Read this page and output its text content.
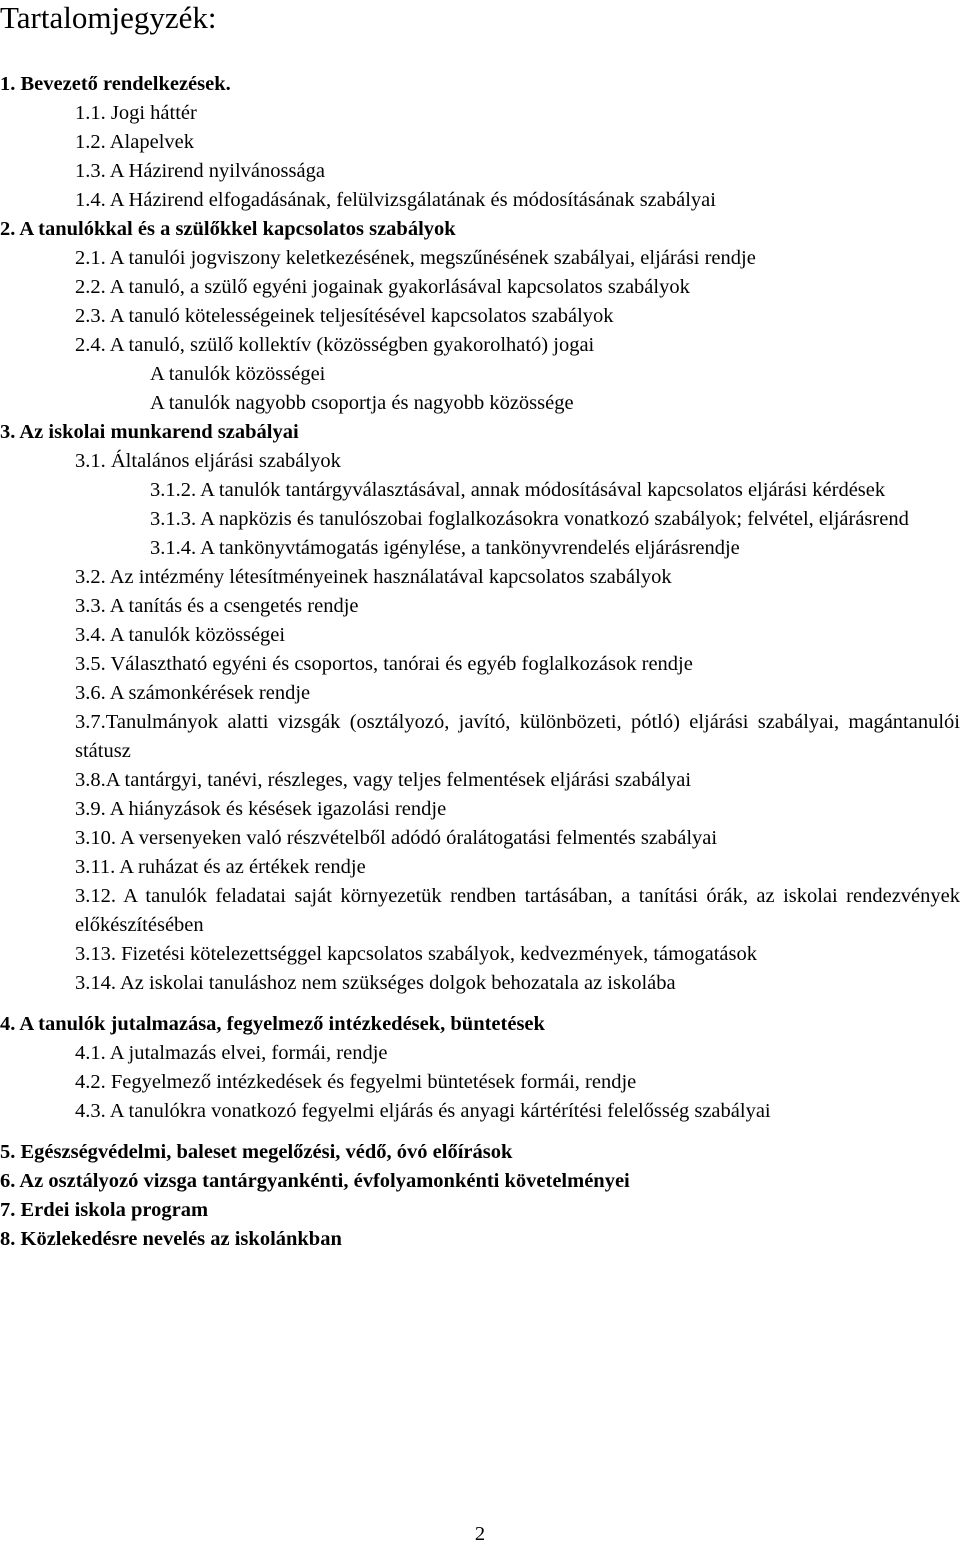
Tartalomjegyzék:
1. Bevezető rendelkezések.
1.1. Jogi háttér
1.2. Alapelvek
1.3. A Házirend nyilvánossága
1.4. A Házirend elfogadásának, felülvizsgálatának és módosításának szabályai
2. A tanulókkal és a szülőkkel kapcsolatos szabályok
2.1. A tanulói jogviszony keletkezésének, megszűnésének szabályai, eljárási rendje
2.2. A tanuló, a szülő egyéni jogainak gyakorlásával kapcsolatos szabályok
2.3. A tanuló kötelességeinek teljesítésével kapcsolatos szabályok
2.4. A tanuló, szülő kollektív (közösségben gyakorolható) jogai
A tanulók közösségei
A tanulók nagyobb csoportja és nagyobb közössége
3. Az iskolai munkarend szabályai
3.1. Általános eljárási szabályok
3.1.2. A tanulók tantárgyválasztásával, annak módosításával kapcsolatos eljárási kérdések
3.1.3. A napközis és tanulószobai foglalkozásokra vonatkozó szabályok; felvétel, eljárásrend
3.1.4. A tankönyvtámogatás igénylése, a tankönyvrendelés eljárásrendje
3.2. Az intézmény létesítményeinek használatával kapcsolatos szabályok
3.3. A tanítás és a csengetés rendje
3.4. A tanulók közösségei
3.5. Választható egyéni és csoportos, tanórai és egyéb foglalkozások rendje
3.6. A számonkérések rendje
3.7.Tanulmányok alatti vizsgák (osztályozó, javító, különbözeti, pótló) eljárási szabályai, magántanulói státusz
3.8.A tantárgyi, tanévi, részleges, vagy teljes felmentések eljárási szabályai
3.9. A hiányzások és késések igazolási rendje
3.10. A versenyeken való részvételből adódó óralátogatási felmentés szabályai
3.11. A ruházat és az értékek rendje
3.12. A tanulók feladatai saját környezetük rendben tartásában, a tanítási órák, az iskolai rendezvények előkészítésében
3.13. Fizetési kötelezettséggel kapcsolatos szabályok, kedvezmények, támogatások
3.14. Az iskolai tanuláshoz nem szükséges dolgok behozatala az iskolába
4. A tanulók jutalmazása, fegyelmező intézkedések, büntetések
4.1. A jutalmazás elvei, formái, rendje
4.2. Fegyelmező intézkedések és fegyelmi büntetések formái, rendje
4.3. A tanulókra vonatkozó fegyelmi eljárás és anyagi kártérítési felelősség szabályai
5. Egészségvédelmi, baleset megelőzési, védő, óvó előírások
6. Az osztályozó vizsga tantárgyankénti, évfolyamonkénti követelményei
7. Erdei iskola program
8. Közlekedésre nevelés az iskolánkban
2
